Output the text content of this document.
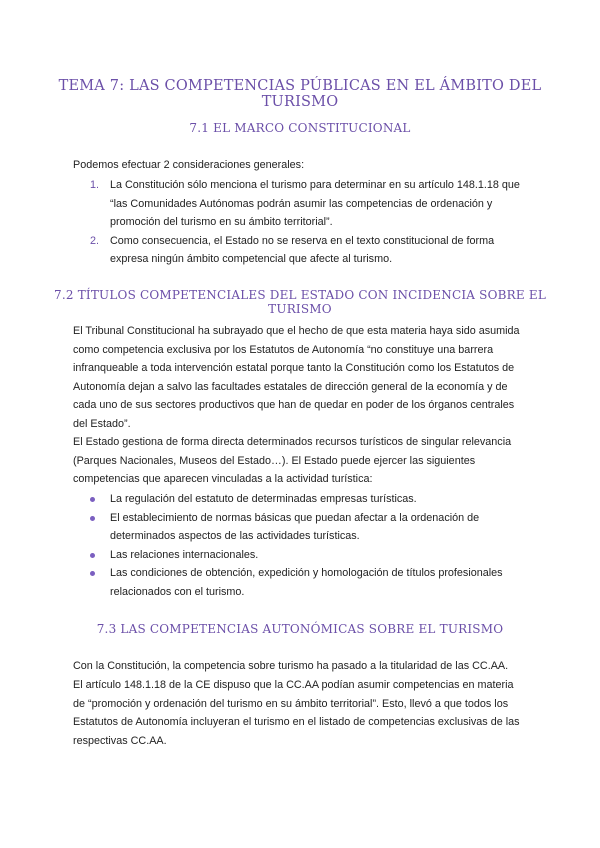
TEMA 7: LAS COMPETENCIAS PÚBLICAS EN EL ÁMBITO DEL TURISMO
7.1 EL MARCO CONSTITUCIONAL

Podemos efectuar 2 consideraciones generales:

1. La Constitución sólo menciona el turismo para determinar en su artículo 148.1.18 que “las Comunidades Autónomas podrán asumir las competencias de ordenación y promoción del turismo en su ámbito territorial”.
2. Como consecuencia, el Estado no se reserva en el texto constitucional de forma expresa ningún ámbito competencial que afecte al turismo.
7.2 TÍTULOS COMPETENCIALES DEL ESTADO CON INCIDENCIA SOBRE EL TURISMO

El Tribunal Constitucional ha subrayado que el hecho de que esta materia haya sido asumida como competencia exclusiva por los Estatutos de Autonomía “no constituye una barrera infranqueable a toda intervención estatal porque tanto la Constitución como los Estatutos de Autonomía dejan a salvo las facultades estatales de dirección general de la economía y de cada uno de sus sectores productivos que han de quedar en poder de los órganos centrales del Estado”.

El Estado gestiona de forma directa determinados recursos turísticos de singular relevancia (Parques Nacionales, Museos del Estado…). El Estado puede ejercer las siguientes competencias que aparecen vinculadas a la actividad turística:

La regulación del estatuto de determinadas empresas turísticas.
El establecimiento de normas básicas que puedan afectar a la ordenación de determinados aspectos de las actividades turísticas.
Las relaciones internacionales.
Las condiciones de obtención, expedición y homologación de títulos profesionales relacionados con el turismo.
7.3 LAS COMPETENCIAS AUTONÓMICAS SOBRE EL TURISMO

Con la Constitución, la competencia sobre turismo ha pasado a la titularidad de las CC.AA.

El artículo 148.1.18 de la CE dispuso que la CC.AA podían asumir competencias en materia de “promoción y ordenación del turismo en su ámbito territorial”. Esto, llevó a que todos los Estatutos de Autonomía incluyeran el turismo en el listado de competencias exclusivas de las respectivas CC.AA.
